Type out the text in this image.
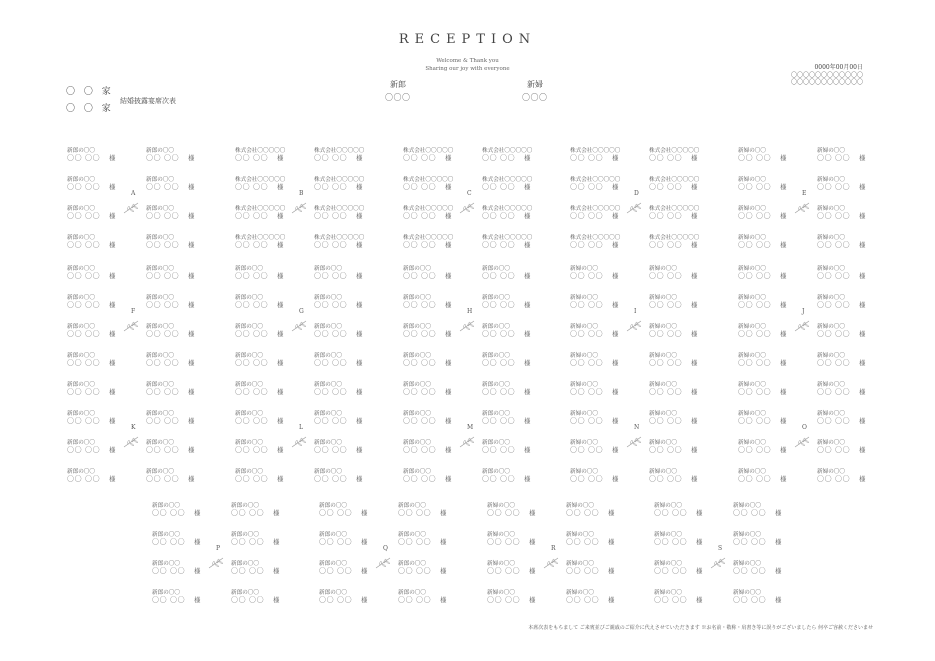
RECEPTION
Welcome & Thank you
Sharing our joy with everyone
新郎
〇〇〇
新婦
〇〇〇
0000年00月00日
〇〇〇〇〇〇〇〇〇〇〇〇
〇〇〇〇〇〇〇〇〇〇〇〇
〇 〇 家
〇 〇 家
結婚披露宴席次表
新郎の〇〇
〇〇 〇〇 様
新郎の〇〇
〇〇 〇〇 様
新郎の〇〇
〇〇 〇〇 様
新郎の〇〇
〇〇 〇〇 様
新郎の〇〇
〇〇 〇〇 様
新郎の〇〇
〇〇 〇〇 様
新郎の〇〇
〇〇 〇〇 様
新郎の〇〇
〇〇 〇〇 様
A
株式会社〇〇〇〇〇
〇〇 〇〇 様
株式会社〇〇〇〇〇
〇〇 〇〇 様
株式会社〇〇〇〇〇
〇〇 〇〇 様
株式会社〇〇〇〇〇
〇〇 〇〇 様
株式会社〇〇〇〇〇
〇〇 〇〇 様
株式会社〇〇〇〇〇
〇〇 〇〇 様
株式会社〇〇〇〇〇
〇〇 〇〇 様
株式会社〇〇〇〇〇
〇〇 〇〇 様
B
株式会社〇〇〇〇〇
〇〇 〇〇 様
株式会社〇〇〇〇〇
〇〇 〇〇 様
株式会社〇〇〇〇〇
〇〇 〇〇 様
株式会社〇〇〇〇〇
〇〇 〇〇 様
株式会社〇〇〇〇〇
〇〇 〇〇 様
株式会社〇〇〇〇〇
〇〇 〇〇 様
株式会社〇〇〇〇〇
〇〇 〇〇 様
株式会社〇〇〇〇〇
〇〇 〇〇 様
C
株式会社〇〇〇〇〇
〇〇 〇〇 様
株式会社〇〇〇〇〇
〇〇 〇〇 様
株式会社〇〇〇〇〇
〇〇 〇〇 様
株式会社〇〇〇〇〇
〇〇 〇〇 様
株式会社〇〇〇〇〇
〇〇 〇〇 様
株式会社〇〇〇〇〇
〇〇 〇〇 様
株式会社〇〇〇〇〇
〇〇 〇〇 様
株式会社〇〇〇〇〇
〇〇 〇〇 様
D
新婦の〇〇
〇〇 〇〇 様
新婦の〇〇
〇〇 〇〇 様
新婦の〇〇
〇〇 〇〇 様
新婦の〇〇
〇〇 〇〇 様
新婦の〇〇
〇〇 〇〇 様
新婦の〇〇
〇〇 〇〇 様
新婦の〇〇
〇〇 〇〇 様
新婦の〇〇
〇〇 〇〇 様
E
新郎の〇〇
〇〇 〇〇 様
新郎の〇〇
〇〇 〇〇 様
新郎の〇〇
〇〇 〇〇 様
新郎の〇〇
〇〇 〇〇 様
新郎の〇〇
〇〇 〇〇 様
新郎の〇〇
〇〇 〇〇 様
新郎の〇〇
〇〇 〇〇 様
新郎の〇〇
〇〇 〇〇 様
F
新郎の〇〇
〇〇 〇〇 様
新郎の〇〇
〇〇 〇〇 様
新郎の〇〇
〇〇 〇〇 様
新郎の〇〇
〇〇 〇〇 様
新郎の〇〇
〇〇 〇〇 様
新郎の〇〇
〇〇 〇〇 様
新郎の〇〇
〇〇 〇〇 様
新郎の〇〇
〇〇 〇〇 様
G
新郎の〇〇
〇〇 〇〇 様
新郎の〇〇
〇〇 〇〇 様
新郎の〇〇
〇〇 〇〇 様
新郎の〇〇
〇〇 〇〇 様
新郎の〇〇
〇〇 〇〇 様
新郎の〇〇
〇〇 〇〇 様
新郎の〇〇
〇〇 〇〇 様
新郎の〇〇
〇〇 〇〇 様
H
新婦の〇〇
〇〇 〇〇 様
新婦の〇〇
〇〇 〇〇 様
新婦の〇〇
〇〇 〇〇 様
新婦の〇〇
〇〇 〇〇 様
新婦の〇〇
〇〇 〇〇 様
新婦の〇〇
〇〇 〇〇 様
新婦の〇〇
〇〇 〇〇 様
新婦の〇〇
〇〇 〇〇 様
I
新婦の〇〇
〇〇 〇〇 様
新婦の〇〇
〇〇 〇〇 様
新婦の〇〇
〇〇 〇〇 様
新婦の〇〇
〇〇 〇〇 様
新婦の〇〇
〇〇 〇〇 様
新婦の〇〇
〇〇 〇〇 様
新婦の〇〇
〇〇 〇〇 様
新婦の〇〇
〇〇 〇〇 様
J
新郎の〇〇
〇〇 〇〇 様
新郎の〇〇
〇〇 〇〇 様
新郎の〇〇
〇〇 〇〇 様
新郎の〇〇
〇〇 〇〇 様
新郎の〇〇
〇〇 〇〇 様
新郎の〇〇
〇〇 〇〇 様
新郎の〇〇
〇〇 〇〇 様
新郎の〇〇
〇〇 〇〇 様
K
新郎の〇〇
〇〇 〇〇 様
新郎の〇〇
〇〇 〇〇 様
新郎の〇〇
〇〇 〇〇 様
新郎の〇〇
〇〇 〇〇 様
新郎の〇〇
〇〇 〇〇 様
新郎の〇〇
〇〇 〇〇 様
新郎の〇〇
〇〇 〇〇 様
新郎の〇〇
〇〇 〇〇 様
L
新郎の〇〇
〇〇 〇〇 様
新郎の〇〇
〇〇 〇〇 様
新郎の〇〇
〇〇 〇〇 様
新郎の〇〇
〇〇 〇〇 様
新郎の〇〇
〇〇 〇〇 様
新郎の〇〇
〇〇 〇〇 様
新郎の〇〇
〇〇 〇〇 様
新郎の〇〇
〇〇 〇〇 様
M
新婦の〇〇
〇〇 〇〇 様
新婦の〇〇
〇〇 〇〇 様
新婦の〇〇
〇〇 〇〇 様
新婦の〇〇
〇〇 〇〇 様
新婦の〇〇
〇〇 〇〇 様
新婦の〇〇
〇〇 〇〇 様
新婦の〇〇
〇〇 〇〇 様
新婦の〇〇
〇〇 〇〇 様
N
新婦の〇〇
〇〇 〇〇 様
新婦の〇〇
〇〇 〇〇 様
新婦の〇〇
〇〇 〇〇 様
新婦の〇〇
〇〇 〇〇 様
新婦の〇〇
〇〇 〇〇 様
新婦の〇〇
〇〇 〇〇 様
新婦の〇〇
〇〇 〇〇 様
新婦の〇〇
〇〇 〇〇 様
O
新郎の〇〇
〇〇 〇〇 様
新郎の〇〇
〇〇 〇〇 様
新郎の〇〇
〇〇 〇〇 様
新郎の〇〇
〇〇 〇〇 様
新郎の〇〇
〇〇 〇〇 様
新郎の〇〇
〇〇 〇〇 様
新郎の〇〇
〇〇 〇〇 様
新郎の〇〇
〇〇 〇〇 様
P
新郎の〇〇
〇〇 〇〇 様
新郎の〇〇
〇〇 〇〇 様
新郎の〇〇
〇〇 〇〇 様
新郎の〇〇
〇〇 〇〇 様
新郎の〇〇
〇〇 〇〇 様
新郎の〇〇
〇〇 〇〇 様
新郎の〇〇
〇〇 〇〇 様
新郎の〇〇
〇〇 〇〇 様
Q
新婦の〇〇
〇〇 〇〇 様
新婦の〇〇
〇〇 〇〇 様
新婦の〇〇
〇〇 〇〇 様
新婦の〇〇
〇〇 〇〇 様
新婦の〇〇
〇〇 〇〇 様
新婦の〇〇
〇〇 〇〇 様
新婦の〇〇
〇〇 〇〇 様
新婦の〇〇
〇〇 〇〇 様
R
新婦の〇〇
〇〇 〇〇 様
新婦の〇〇
〇〇 〇〇 様
新婦の〇〇
〇〇 〇〇 様
新婦の〇〇
〇〇 〇〇 様
新婦の〇〇
〇〇 〇〇 様
新婦の〇〇
〇〇 〇〇 様
新婦の〇〇
〇〇 〇〇 様
新婦の〇〇
〇〇 〇〇 様
S
本席次表をもちまして ご来賓並びご親戚のご紹介に代えさせていただきます ※お名前・敬称・肩書き等に誤りがございましたら 何卒ご容赦くださいませ
